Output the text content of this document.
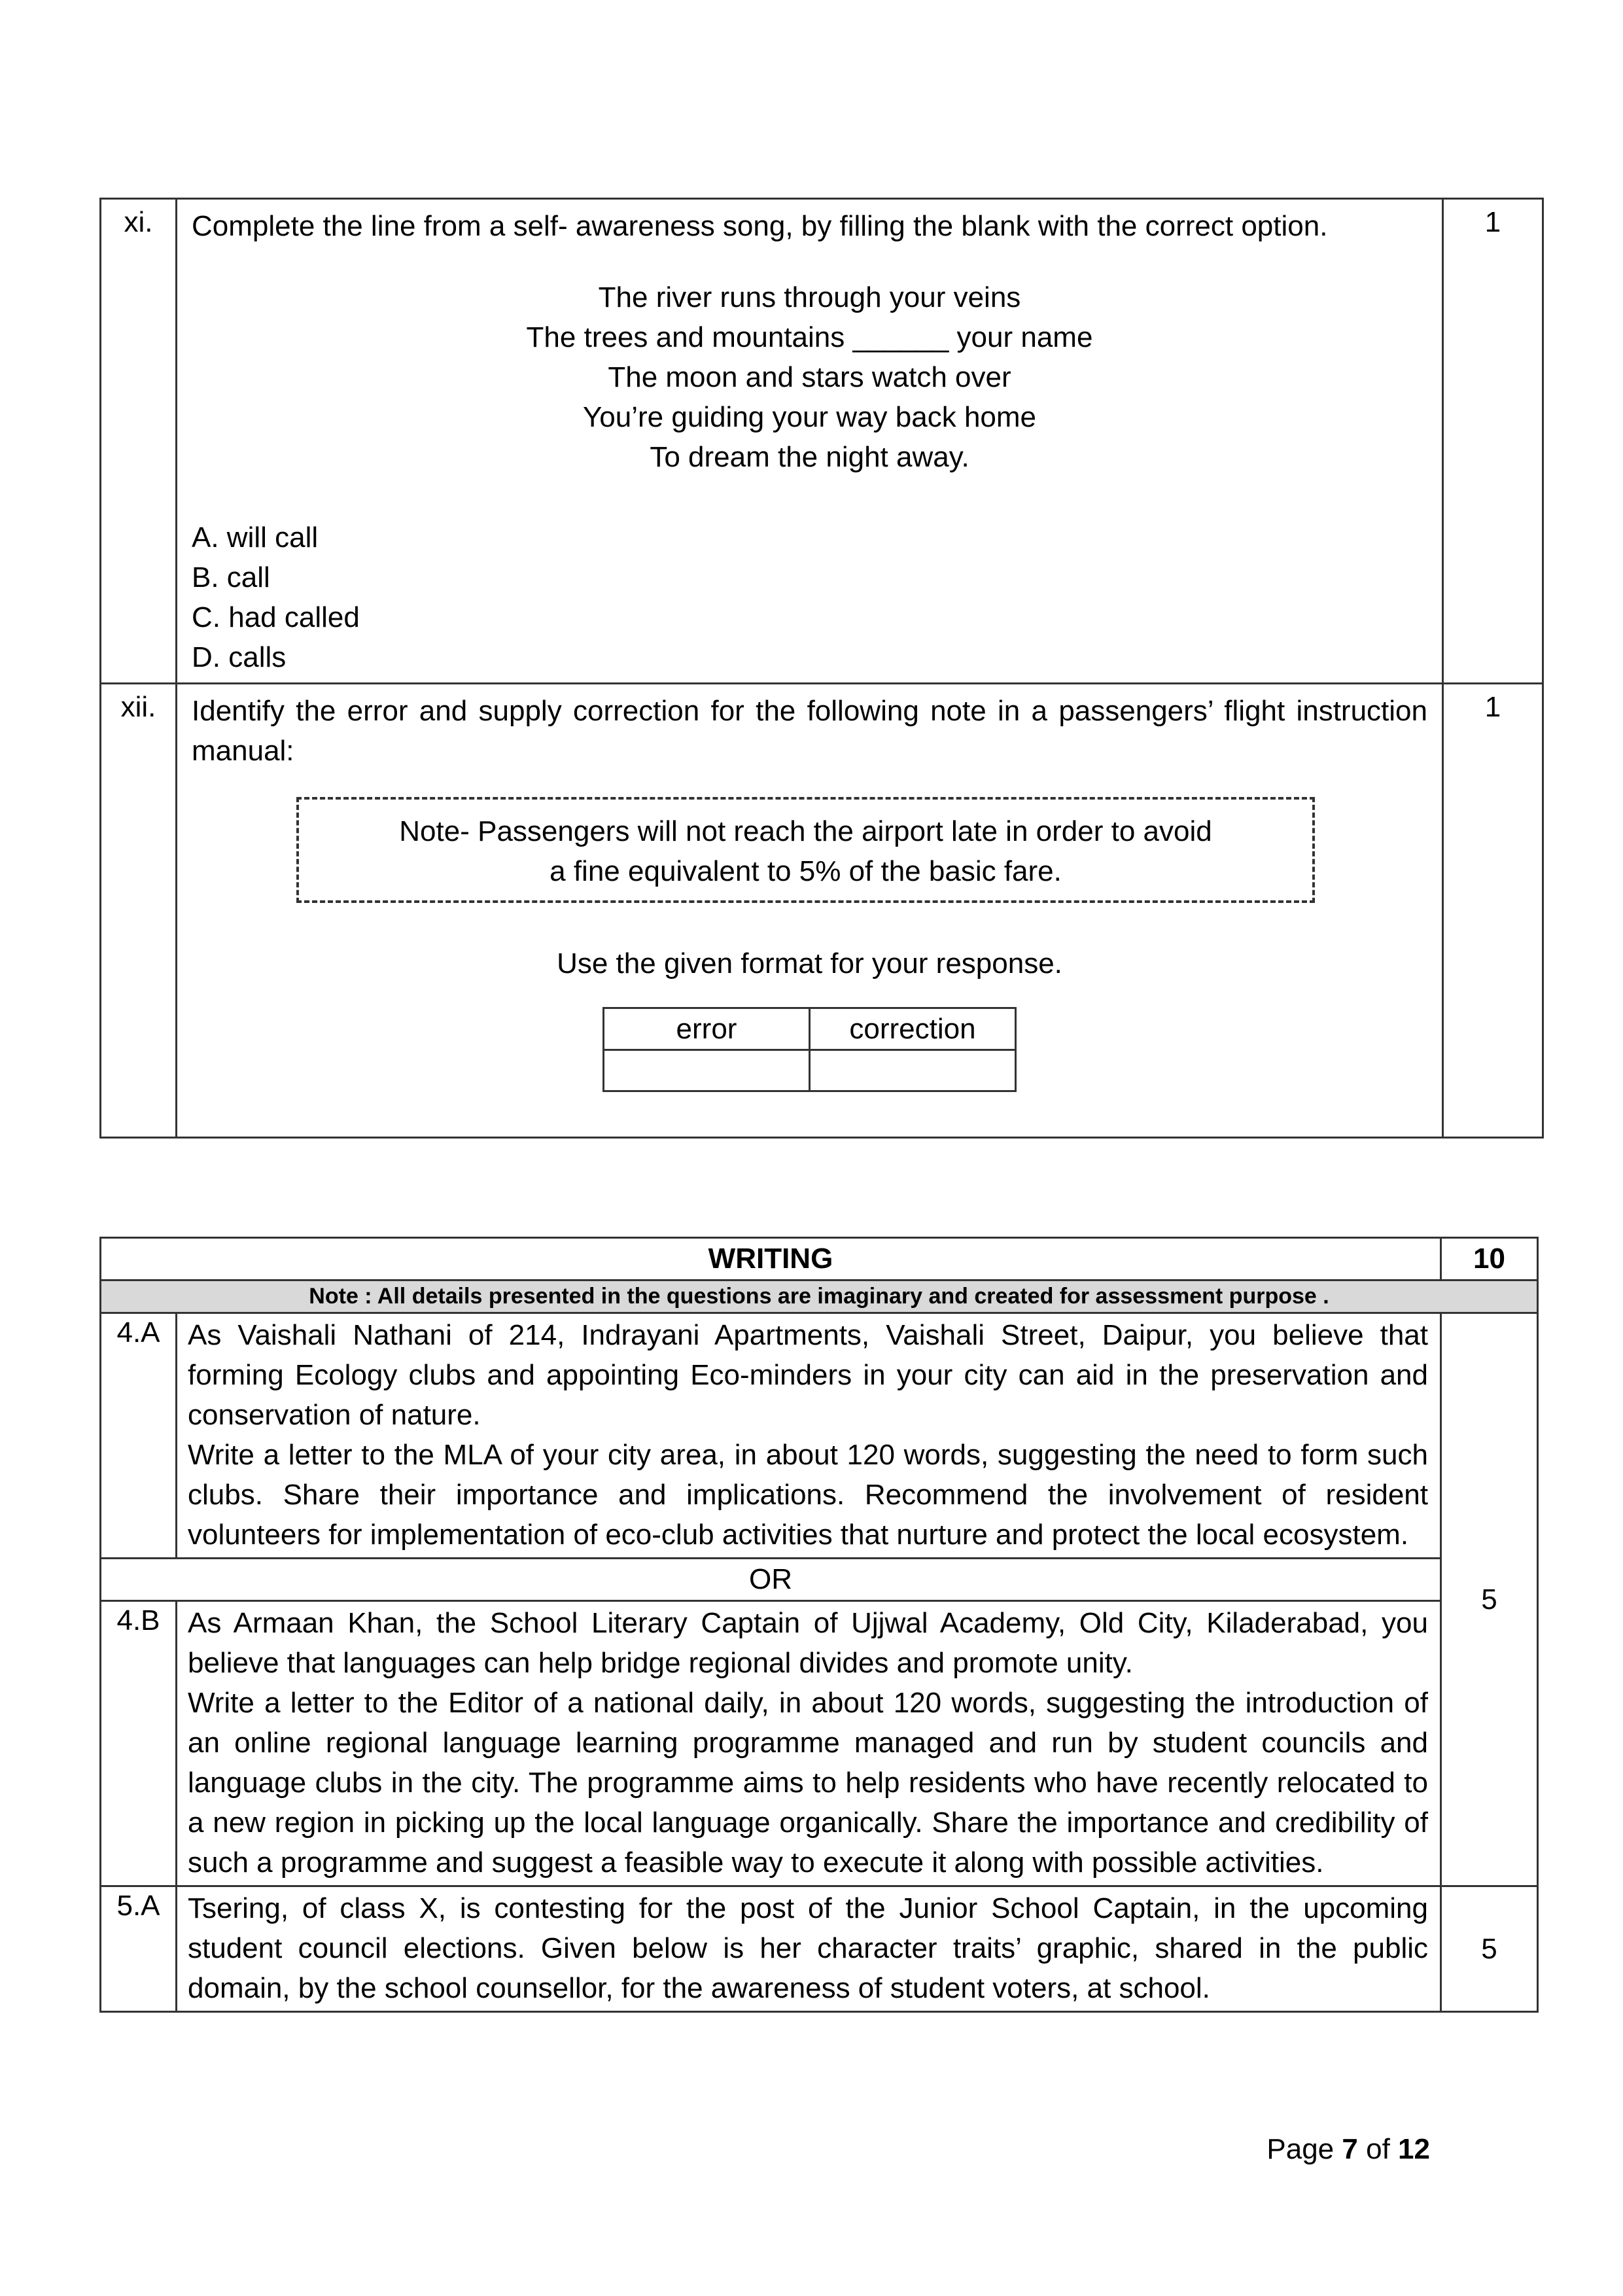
xi.	Complete the line from a self- awareness song, by filling the blank with the correct option.
The river runs through your veins
The trees and mountains ______ your name
The moon and stars watch over
You’re guiding your way back home
To dream the night away.
A. will call
B. call
C. had called
D. calls
	1
xii.	Identify the error and supply correction for the following note in a passengers’ flight instruction manual:
Note- Passengers will not reach the airport late in order to avoid
a fine equivalent to 5% of the basic fare.
Use the given format for your response.
error	correction

	1
WRITING		10
Note : All details presented in the questions are imaginary and created for assessment purpose .		
4.A	As Vaishali Nathani of 214, Indrayani Apartments, Vaishali Street, Daipur, you believe that forming Ecology clubs and appointing Eco-minders in your city can aid in the preservation and conservation of nature.
Write a letter to the MLA of your city area, in about 120 words, suggesting the need to form such clubs. Share their importance and implications. Recommend the involvement of resident volunteers for implementation of eco-club activities that nurture and protect the local ecosystem.	5
OR		
4.B	As Armaan Khan, the School Literary Captain of Ujjwal Academy, Old City, Kiladerabad, you believe that languages can help bridge regional divides and promote unity.
Write a letter to the Editor of a national daily, in about 120 words, suggesting the introduction of an online regional language learning programme managed and run by student councils and language clubs in the city. The programme aims to help residents who have recently relocated to a new region in picking up the local language organically. Share the importance and credibility of such a programme and suggest a feasible way to execute it along with possible activities.	

5.A	Tsering, of class X, is contesting for the post of the Junior School Captain, in the upcoming student council elections. Given below is her character traits’ graphic, shared in the public domain, by the school counsellor, for the awareness of student voters, at school.	5
Page 7 of 12
